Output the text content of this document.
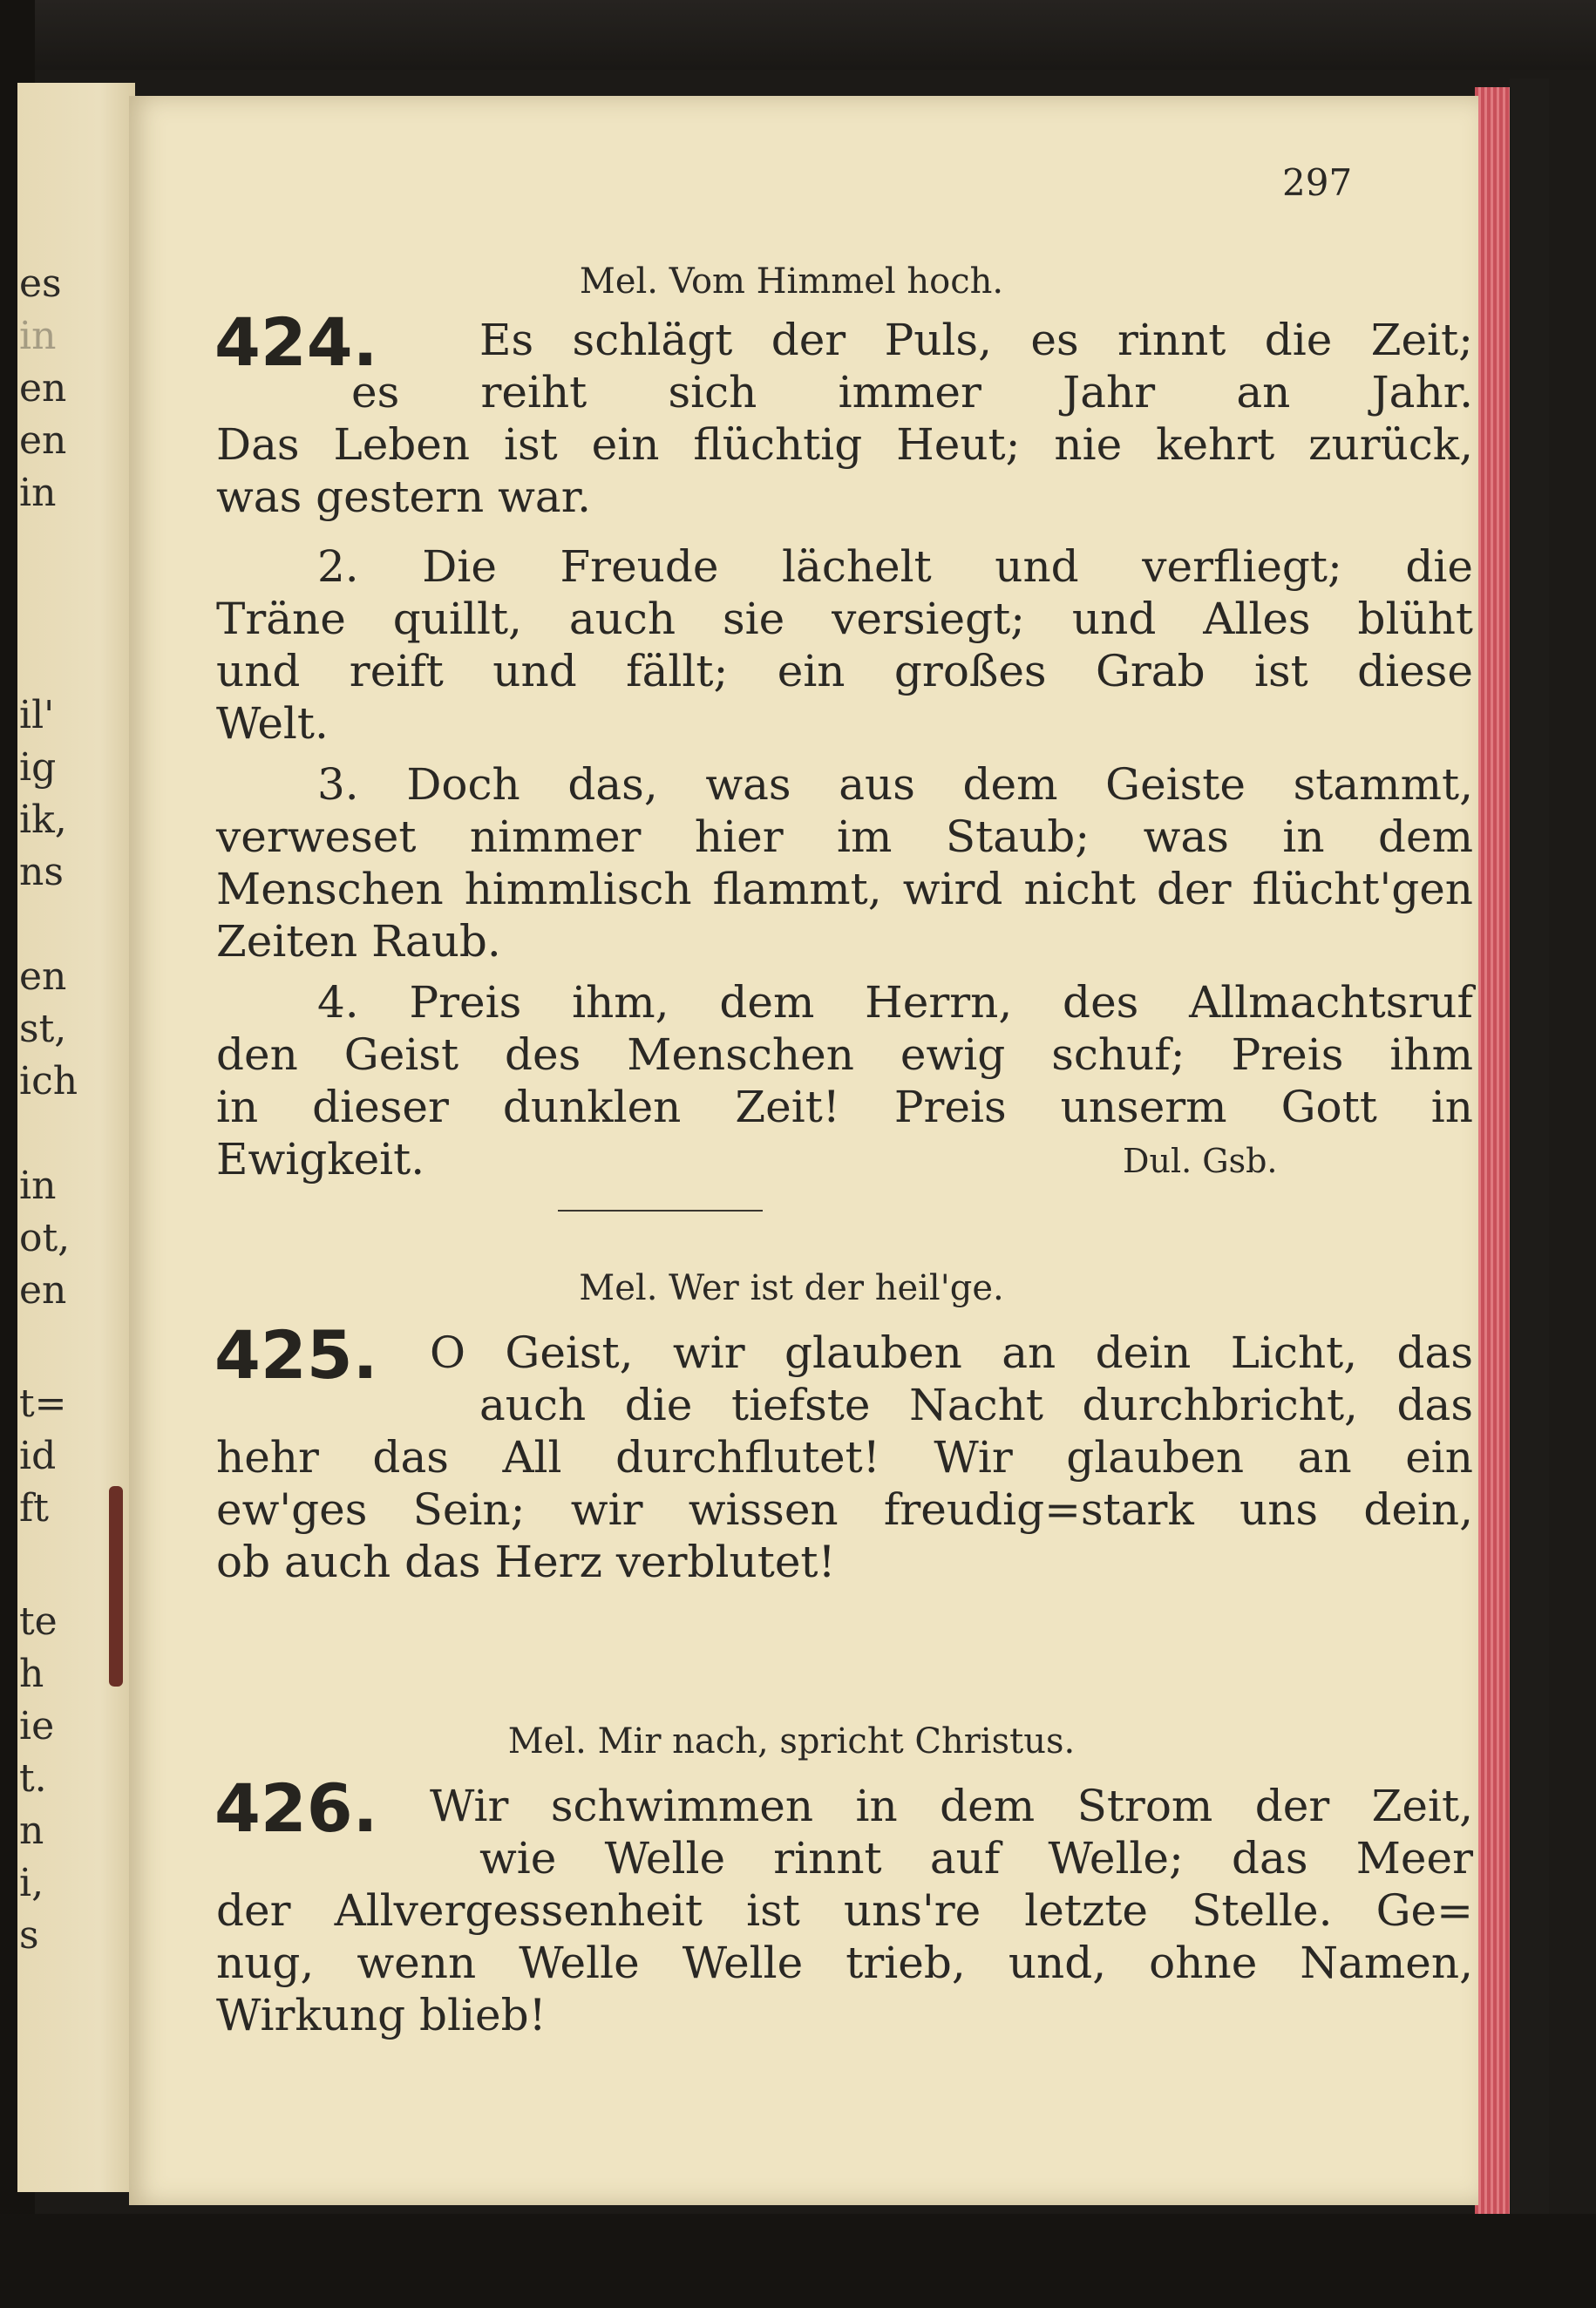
es
in
en
en
in
il'
ig
ik,
ns
en
st,
ich
in
ot,
en
t=
id
ft
te
h
ie
t.
n
i,
s
297
Mel. Vom Himmel hoch.
424. Es schlägt der Puls, es rinnt die Zeit;
es reiht sich immer Jahr an Jahr.
Das Leben ist ein flüchtig Heut; nie kehrt zurück,
was gestern war.
2. Die Freude lächelt und verfliegt; die
Träne quillt, auch sie versiegt; und Alles blüht
und reift und fällt; ein großes Grab ist diese
Welt.
3. Doch das, was aus dem Geiste stammt,
verweset nimmer hier im Staub; was in dem
Menschen himmlisch flammt, wird nicht der flücht'gen
Zeiten Raub.
4. Preis ihm, dem Herrn, des Allmachtsruf
den Geist des Menschen ewig schuf; Preis ihm
in dieser dunklen Zeit! Preis unserm Gott in
Ewigkeit.	Dul. Gsb.
Mel. Wer ist der heil'ge.
425. O Geist, wir glauben an dein Licht, das
auch die tiefste Nacht durchbricht, das
hehr das All durchflutet! Wir glauben an ein
ew'ges Sein; wir wissen freudig=stark uns dein,
ob auch das Herz verblutet!
Mel. Mir nach, spricht Christus.
426. Wir schwimmen in dem Strom der Zeit,
wie Welle rinnt auf Welle; das Meer
der Allvergessenheit ist uns're letzte Stelle. Ge=
nug, wenn Welle Welle trieb, und, ohne Namen,
Wirkung blieb!
